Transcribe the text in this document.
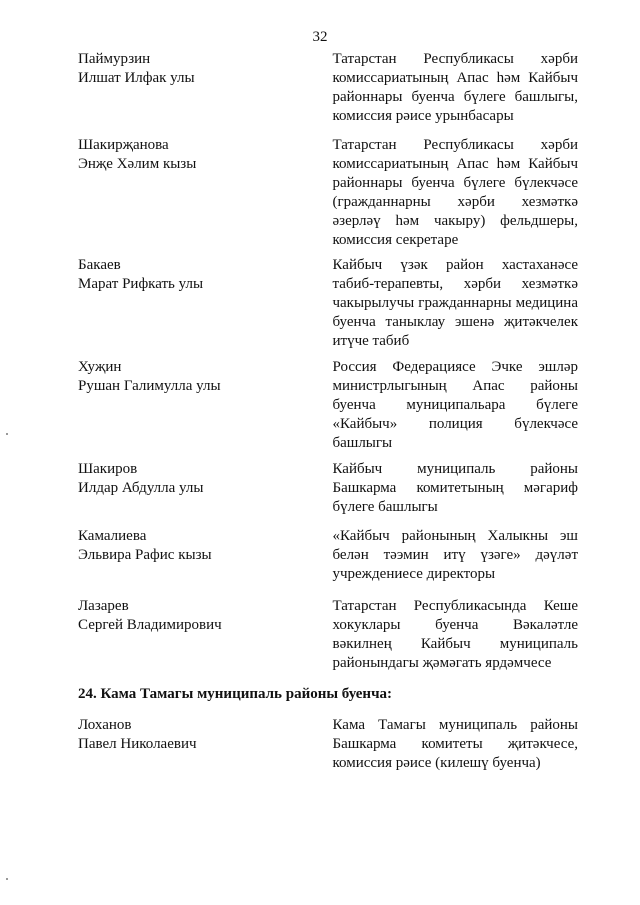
32
Паймурзин
Илшат Илфак улы
Татарстан Республикасы хәрби комиссариатының Апас һәм Кайбыч районнары буенча бүлеге башлыгы, комиссия рәисе урынбасары
Шакирҗанова
Энҗе Хәлим кызы
Татарстан Республикасы хәрби комиссариатының Апас һәм Кайбыч районнары буенча бүлеге бүлекчәсе (гражданнарны хәрби хезмәткә әзерләү һәм чакыру) фельдшеры, комиссия секретаре
Бакаев
Марат Рифкать улы
Кайбыч үзәк район хастаханәсе табиб-терапевты, хәрби хезмәткә чакырылучы гражданнарны медицина буенча таныклау эшенә җитәкчелек итүче табиб
Хуҗин
Рушан Галимулла улы
Россия Федерациясе Эчке эшләр министрлыгының Апас районы буенча муниципальара бүлеге «Кайбыч» полиция бүлекчәсе башлыгы
Шакиров
Илдар Абдулла улы
Кайбыч муниципаль районы Башкарма комитетының мәгариф бүлеге башлыгы
Камалиева
Эльвира Рафис кызы
«Кайбыч районының Халыкны эш белән тәэмин итү үзәге» дәүләт учреждениесе директоры
Лазарев
Сергей Владимирович
Татарстан Республикасында Кеше хокуклары буенча Вәкаләтле вәкилнең Кайбыч муниципаль районындагы җәмәгать ярдәмчесе
24. Кама Тамагы муниципаль районы буенча:
Лоханов
Павел Николаевич
Кама Тамагы муниципаль районы Башкарма комитеты җитәкчесе, комиссия рәисе (килешү буенча)
